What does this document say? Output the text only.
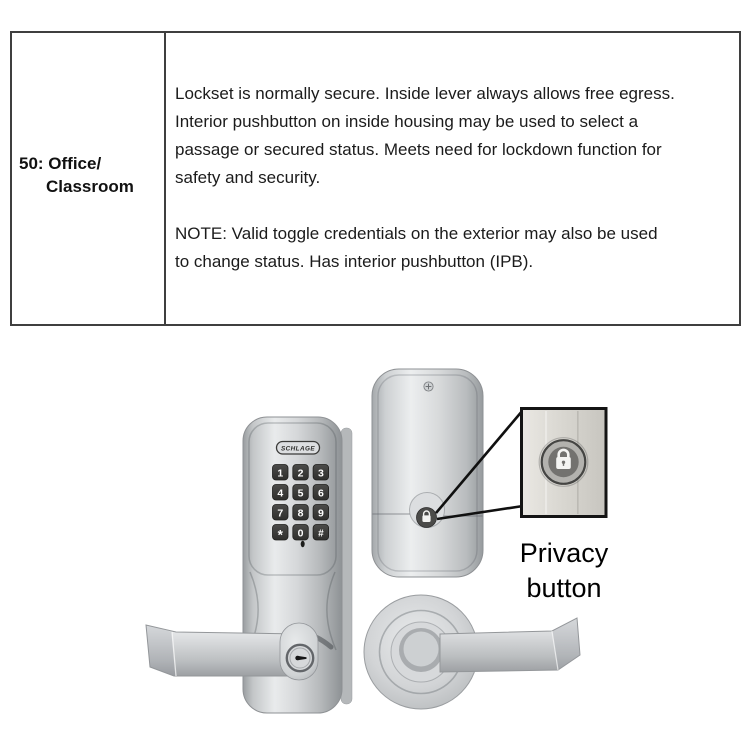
50: Office/
Classroom
Lockset is normally secure. Inside lever always allows free egress.
Interior pushbutton on inside housing may be used to select a
passage or secured status. Meets need for lockdown function for
safety and security.
NOTE: Valid toggle credentials on the exterior may also be used
to change status. Has interior pushbutton (IPB).
SCHLAGE
1 2 3
4 5 6
7 8 9
* 0 #
Privacy button
